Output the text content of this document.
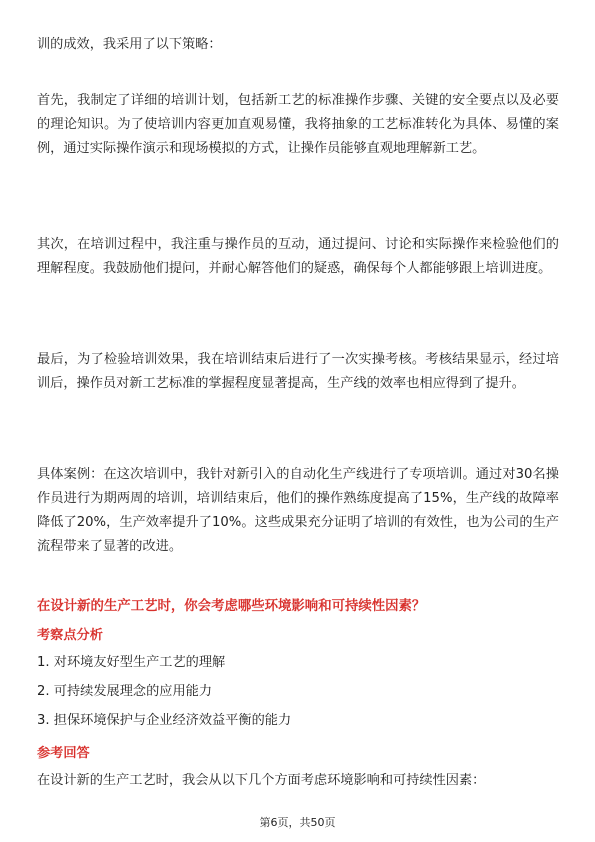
训的成效，我采用了以下策略：

首先，我制定了详细的培训计划，包括新工艺的标准操作步骤、关键的安全要点以及必要的理论知识。为了使培训内容更加直观易懂，我将抽象的工艺标准转化为具体、易懂的案例，通过实际操作演示和现场模拟的方式，让操作员能够直观地理解新工艺。

其次，在培训过程中，我注重与操作员的互动，通过提问、讨论和实际操作来检验他们的理解程度。我鼓励他们提问，并耐心解答他们的疑惑，确保每个人都能够跟上培训进度。

最后，为了检验培训效果，我在培训结束后进行了一次实操考核。考核结果显示，经过培训后，操作员对新工艺标准的掌握程度显著提高，生产线的效率也相应得到了提升。

具体案例：在这次培训中，我针对新引入的自动化生产线进行了专项培训。通过对30名操作员进行为期两周的培训，培训结束后，他们的操作熟练度提高了15%，生产线的故障率降低了20%，生产效率提升了10%。这些成果充分证明了培训的有效性，也为公司的生产流程带来了显著的改进。

在设计新的生产工艺时，你会考虑哪些环境影响和可持续性因素？

考察点分析

1. 对环境友好型生产工艺的理解

2. 可持续发展理念的应用能力

3. 担保环境保护与企业经济效益平衡的能力

参考回答

在设计新的生产工艺时，我会从以下几个方面考虑环境影响和可持续性因素：

第6页，共50页
